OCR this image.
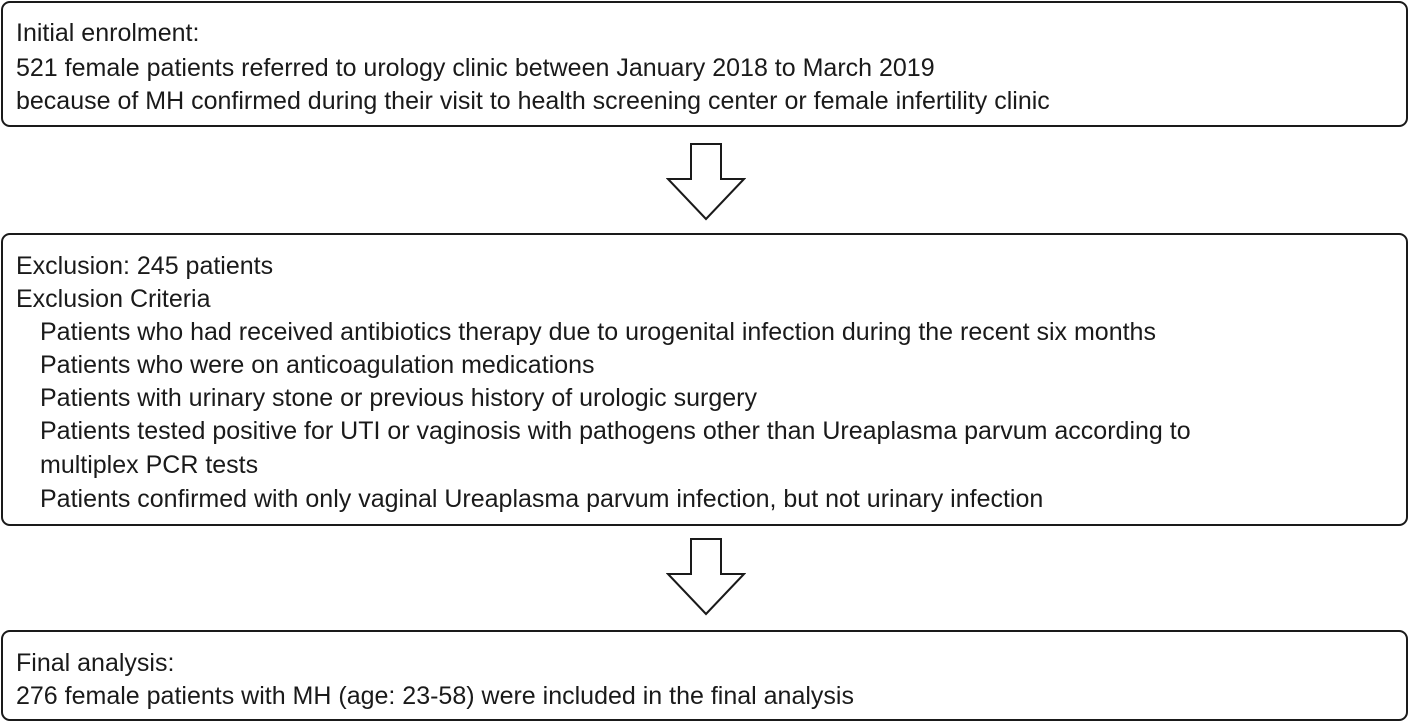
Initial enrolment:
521 female patients referred to urology clinic between January 2018 to March 2019
because of MH confirmed during their visit to health screening center or female infertility clinic
Exclusion: 245 patients
Exclusion Criteria
Patients who had received antibiotics therapy due to urogenital infection during the recent six months
Patients who were on anticoagulation medications
Patients with urinary stone or previous history of urologic surgery
Patients tested positive for UTI or vaginosis with pathogens other than Ureaplasma parvum according to
multiplex PCR tests
Patients confirmed with only vaginal Ureaplasma parvum infection, but not urinary infection
Final analysis:
276 female patients with MH (age: 23-58) were included in the final analysis
